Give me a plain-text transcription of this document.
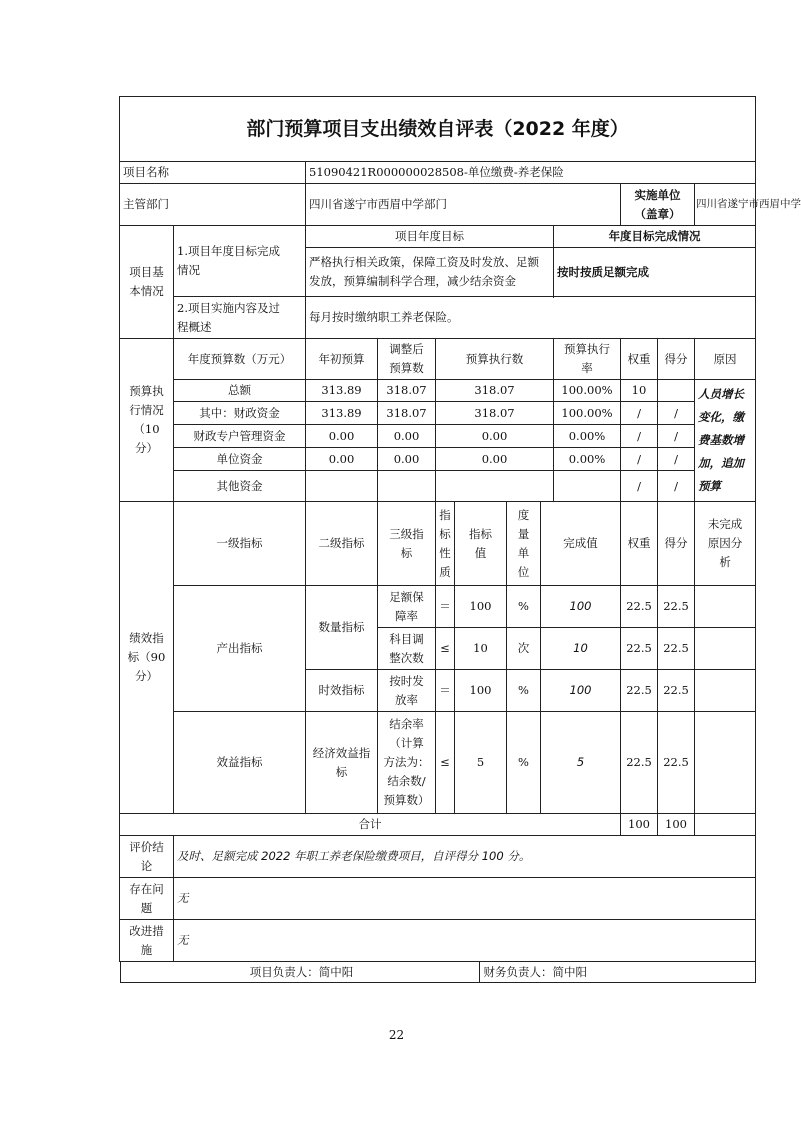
部门预算项目支出绩效自评表（2022 年度）											
项目名称		51090421R000000028508-单位缴费-养老保险									
主管部门		四川省遂宁市西眉中学部门							实施单位
（盖章）		四川省遂宁市西眉中学
项目基
本情况	1.项目年度目标完成
情况	项目年度目标						年度目标完成情况			
		严格执行相关政策，保障工资及时发放、足额发放，预算编制科学合理，减少结余资金						按时按质足额完成			

	2.项目实施内容及过
程概述	每月按时缴纳职工养老保险。									
预算执
行情况
（10
分）	年度预算数（万元）	年初预算	调整后
预算数	预算执行数				预算执行
率	权重	得分	原因
	总额	313.89	318.07	318.07				100.00%	10		人员增长变化，缴费基数增加，追加预算
	其中：财政资金	313.89	318.07	318.07				100.00%	/	/	
	财政专户管理资金	0.00	0.00	0.00				0.00%	/	/	
	单位资金	0.00	0.00	0.00				0.00%	/	/	
	其他资金								/	/	
绩效指
标（90
分）	一级指标	二级指标	三级指
标	指
标
性
质	指标
值	度
量
单
位	完成值		权重	得分	未完成
原因分
析
	产出指标	数量指标	足额保
障率	＝	100	%	100		22.5	22.5	
			科目调
整次数	≤	10	次	10		22.5	22.5	
		时效指标	按时发
放率	＝	100	%	100		22.5	22.5	
	效益指标	经济效益指
标	结余率
（计算
方法为：
结余数/
预算数）	≤	5	%	5		22.5	22.5	
合计									100	100	
评价结
论	及时、足额完成 2022 年职工养老保险缴费项目，自评得分 100 分。										
存在问
题	无										
改进措
施	无										

项目负责人：简中阳 财务负责人：简中阳											
22
